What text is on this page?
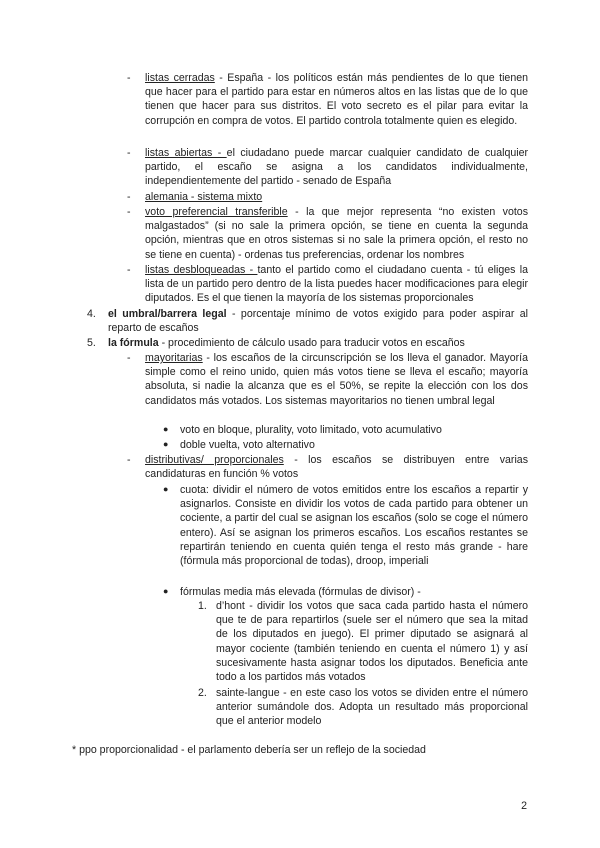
- listas cerradas - España - los políticos están más pendientes de lo que tienen que hacer para el partido para estar en números altos en las listas que de lo que tienen que hacer para sus distritos. El voto secreto es el pilar para evitar la corrupción en compra de votos. El partido controla totalmente quien es elegido.
- listas abiertas - el ciudadano puede marcar cualquier candidato de cualquier partido, el escaño se asigna a los candidatos individualmente, independientemente del partido - senado de España
- alemania - sistema mixto
- voto preferencial transferible - la que mejor representa “no existen votos malgastados” (si no sale la primera opción, se tiene en cuenta la segunda opción, mientras que en otros sistemas si no sale la primera opción, el resto no se tiene en cuenta) - ordenas tus preferencias, ordenar los nombres
- listas desbloqueadas - tanto el partido como el ciudadano cuenta - tú eliges la lista de un partido pero dentro de la lista puedes hacer modificaciones para elegir diputados. Es el que tienen la mayoría de los sistemas proporcionales
4. el umbral/barrera legal - porcentaje mínimo de votos exigido para poder aspirar al reparto de escaños
5. la fórmula - procedimiento de cálculo usado para traducir votos en escaños
- mayoritarias - los escaños de la circunscripción se los lleva el ganador. Mayoría simple como el reino unido, quien más votos tiene se lleva el escaño; mayoría absoluta, si nadie la alcanza que es el 50%, se repite la elección con los dos candidatos más votados. Los sistemas mayoritarios no tienen umbral legal
● voto en bloque, plurality, voto limitado, voto acumulativo
● doble vuelta, voto alternativo
- distributivas/ proporcionales - los escaños se distribuyen entre varias candidaturas en función % votos
● cuota: dividir el número de votos emitidos entre los escaños a repartir y asignarlos. Consiste en dividir los votos de cada partido para obtener un cociente, a partir del cual se asignan los escaños (solo se coge el número entero). Así se asignan los primeros escaños. Los escaños restantes se repartirán teniendo en cuenta quién tenga el resto más grande - hare (fórmula más proporcional de todas), droop, imperiali
● fórmulas media más elevada (fórmulas de divisor) -
1. d’hont - dividir los votos que saca cada partido hasta el número que te de para repartirlos (suele ser el número que sea la mitad de los diputados en juego). El primer diputado se asignará al mayor cociente (también teniendo en cuenta el número 1) y así sucesivamente hasta asignar todos los diputados. Beneficia ante todo a los partidos más votados
2. sainte-langue - en este caso los votos se dividen entre el número anterior sumándole dos. Adopta un resultado más proporcional que el anterior modelo
* ppo proporcionalidad - el parlamento debería ser un reflejo de la sociedad
2
